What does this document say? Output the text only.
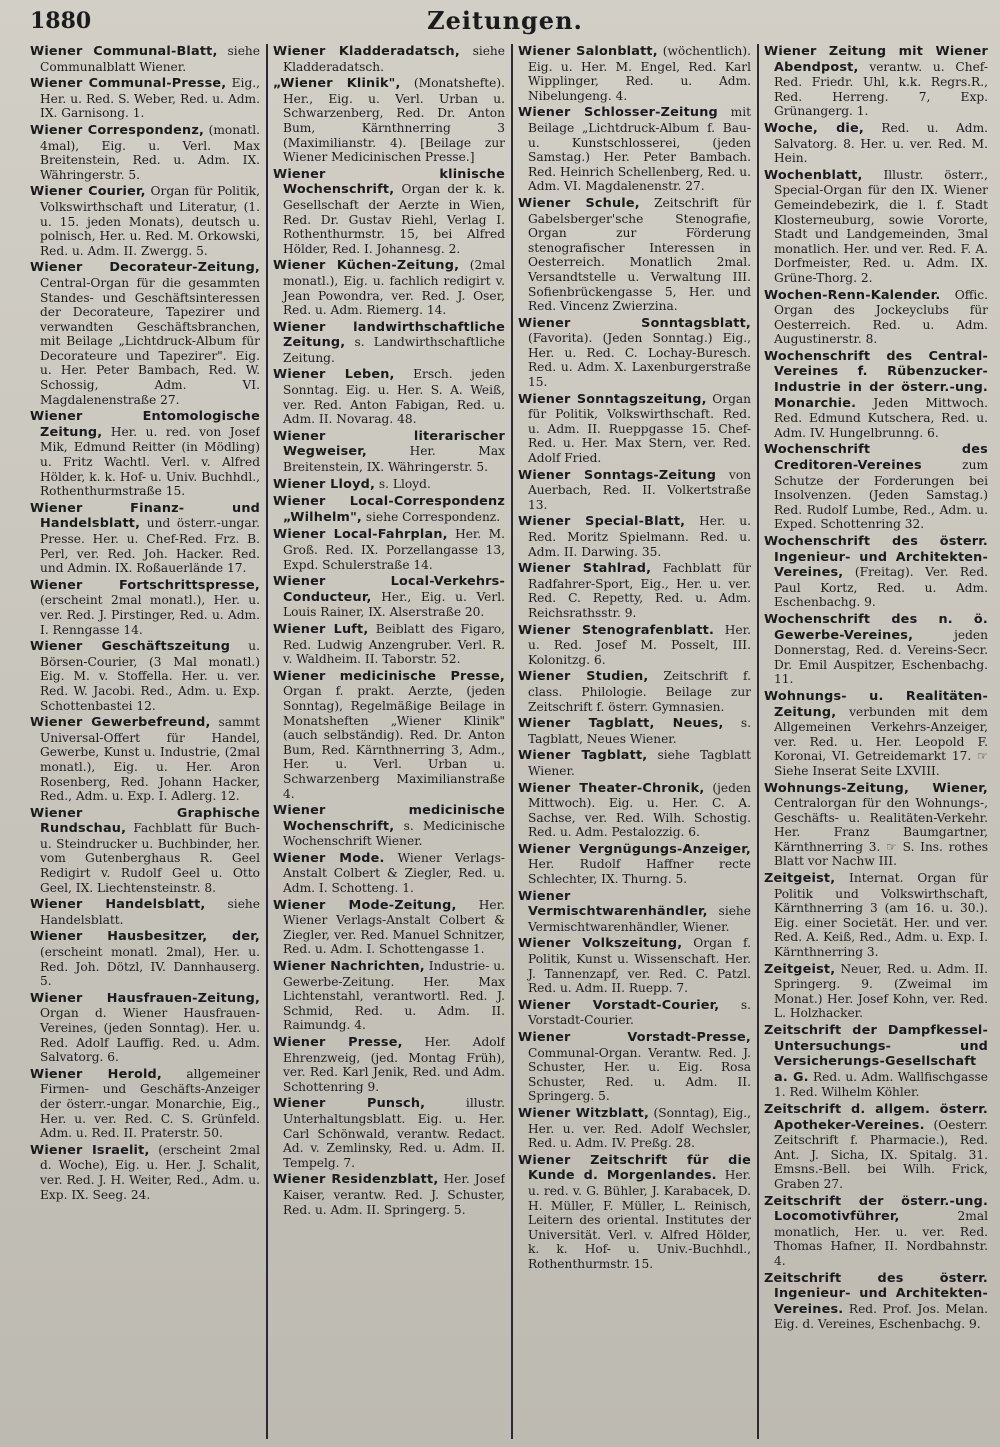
1880	Zeitungen.

Wiener Communal-Blatt, siehe Communalblatt Wiener.

Wiener Communal-Presse, Eig., Her. u. Red. S. Weber, Red. u. Adm. IX. Garnisong. 1.

Wiener Correspondenz, (monatl. 4mal), Eig. u. Verl. Max Breitenstein, Red. u. Adm. IX. Währingerstr. 5.

Wiener Courier, Organ für Politik, Volkswirthschaft und Literatur, (1. u. 15. jeden Monats), deutsch u. polnisch, Her. u. Red. M. Orkowski, Red. u. Adm. II. Zwergg. 5.

Wiener Decorateur-Zeitung, Central-Organ für die gesammten Standes- und Geschäftsinteressen der Decorateure, Tapezirer und verwandten Geschäftsbranchen, mit Beilage „Lichtdruck-Album für Decorateure und Tapezirer". Eig. u. Her. Peter Bambach, Red. W. Schossig, Adm. VI. Magdalenenstraße 27.

Wiener Entomologische Zeitung, Her. u. red. von Josef Mik, Edmund Reitter (in Mödling) u. Fritz Wachtl. Verl. v. Alfred Hölder, k. k. Hof- u. Univ. Buchhdl., Rothenthurmstraße 15.

Wiener Finanz- und Handelsblatt, und österr.-ungar. Presse. Her. u. Chef-Red. Frz. B. Perl, ver. Red. Joh. Hacker. Red. und Admin. IX. Roßauerlände 17.

Wiener Fortschrittspresse, (erscheint 2mal monatl.), Her. u. ver. Red. J. Pirstinger, Red. u. Adm. I. Renngasse 14.

Wiener Geschäftszeitung u. Börsen-Courier, (3 Mal monatl.) Eig. M. v. Stoffella. Her. u. ver. Red. W. Jacobi. Red., Adm. u. Exp. Schottenbastei 12.

Wiener Gewerbefreund, sammt Universal-Offert für Handel, Gewerbe, Kunst u. Industrie, (2mal monatl.), Eig. u. Her. Aron Rosenberg, Red. Johann Hacker, Red., Adm. u. Exp. I. Adlerg. 12.

Wiener Graphische Rundschau, Fachblatt für Buch- u. Steindrucker u. Buchbinder, her. vom Gutenberghaus R. Geel Redigirt v. Rudolf Geel u. Otto Geel, IX. Liechtensteinstr. 8.

Wiener Handelsblatt, siehe Handelsblatt.

Wiener Hausbesitzer, der, (erscheint monatl. 2mal), Her. u. Red. Joh. Dötzl, IV. Dannhauserg. 5.

Wiener Hausfrauen-Zeitung, Organ d. Wiener Hausfrauen-Vereines, (jeden Sonntag). Her. u. Red. Adolf Lauffig. Red. u. Adm. Salvatorg. 6.

Wiener Herold, allgemeiner Firmen- und Geschäfts-Anzeiger der österr.-ungar. Monarchie, Eig., Her. u. ver. Red. C. S. Grünfeld. Adm. u. Red. II. Praterstr. 50.

Wiener Israelit, (erscheint 2mal d. Woche), Eig. u. Her. J. Schalit, ver. Red. J. H. Weiter, Red., Adm. u. Exp. IX. Seeg. 24.

Wiener Kladderadatsch, siehe Kladderadatsch.

„Wiener Klinik", (Monatshefte). Her., Eig. u. Verl. Urban u. Schwarzenberg, Red. Dr. Anton Bum, Kärnthnerring 3 (Maximilianstr. 4). [Beilage zur Wiener Medicinischen Presse.]

Wiener klinische Wochenschrift, Organ der k. k. Gesellschaft der Aerzte in Wien, Red. Dr. Gustav Riehl, Verlag I. Rothenthurmstr. 15, bei Alfred Hölder, Red. I. Johannesg. 2.

Wiener Küchen-Zeitung, (2mal monatl.), Eig. u. fachlich redigirt v. Jean Powondra, ver. Red. J. Oser, Red. u. Adm. Riemerg. 14.

Wiener landwirthschaftliche Zeitung, s. Landwirthschaftliche Zeitung.

Wiener Leben, Ersch. jeden Sonntag. Eig. u. Her. S. A. Weiß, ver. Red. Anton Fabigan, Red. u. Adm. II. Novarag. 48.

Wiener literarischer Wegweiser, Her. Max Breitenstein, IX. Währingerstr. 5.

Wiener Lloyd, s. Lloyd.

Wiener Local-Correspondenz „Wilhelm", siehe Correspondenz.

Wiener Local-Fahrplan, Her. M. Groß. Red. IX. Porzellangasse 13, Expd. Schulerstraße 14.

Wiener Local-Verkehrs-Conducteur, Her., Eig. u. Verl. Louis Rainer, IX. Alserstraße 20.

Wiener Luft, Beiblatt des Figaro, Red. Ludwig Anzengruber. Verl. R. v. Waldheim. II. Taborstr. 52.

Wiener medicinische Presse, Organ f. prakt. Aerzte, (jeden Sonntag), Regelmäßige Beilage in Monatsheften „Wiener Klinik" (auch selbständig). Red. Dr. Anton Bum, Red. Kärnthnerring 3, Adm., Her. u. Verl. Urban u. Schwarzenberg Maximilianstraße 4.

Wiener medicinische Wochenschrift, s. Medicinische Wochenschrift Wiener.

Wiener Mode. Wiener Verlags-Anstalt Colbert & Ziegler, Red. u. Adm. I. Schotteng. 1.

Wiener Mode-Zeitung, Her. Wiener Verlags-Anstalt Colbert & Ziegler, ver. Red. Manuel Schnitzer, Red. u. Adm. I. Schottengasse 1.

Wiener Nachrichten, Industrie- u. Gewerbe-Zeitung. Her. Max Lichtenstahl, verantwortl. Red. J. Schmid, Red. u. Adm. II. Raimundg. 4.

Wiener Presse, Her. Adolf Ehrenzweig, (jed. Montag Früh), ver. Red. Karl Jenik, Red. und Adm. Schottenring 9.

Wiener Punsch, illustr. Unterhaltungsblatt. Eig. u. Her. Carl Schönwald, verantw. Redact. Ad. v. Zemlinsky, Red. u. Adm. II. Tempelg. 7.

Wiener Residenzblatt, Her. Josef Kaiser, verantw. Red. J. Schuster, Red. u. Adm. II. Springerg. 5.

Wiener Salonblatt, (wöchentlich). Eig. u. Her. M. Engel, Red. Karl Wipplinger, Red. u. Adm. Nibelungeng. 4.

Wiener Schlosser-Zeitung mit Beilage „Lichtdruck-Album f. Bau- u. Kunstschlosserei, (jeden Samstag.) Her. Peter Bambach. Red. Heinrich Schellenberg, Red. u. Adm. VI. Magdalenenstr. 27.

Wiener Schule, Zeitschrift für Gabelsberger'sche Stenografie, Organ zur Förderung stenografischer Interessen in Oesterreich. Monatlich 2mal. Versandtstelle u. Verwaltung III. Sofienbrückengasse 5, Her. und Red. Vincenz Zwierzina.

Wiener Sonntagsblatt, (Favorita). (Jeden Sonntag.) Eig., Her. u. Red. C. Lochay-Buresch. Red. u. Adm. X. Laxenburgerstraße 15.

Wiener Sonntagszeitung, Organ für Politik, Volkswirthschaft. Red. u. Adm. II. Rueppgasse 15. Chef-Red. u. Her. Max Stern, ver. Red. Adolf Fried.

Wiener Sonntags-Zeitung von Auerbach, Red. II. Volkertstraße 13.

Wiener Special-Blatt, Her. u. Red. Moritz Spielmann. Red. u. Adm. II. Darwing. 35.

Wiener Stahlrad, Fachblatt für Radfahrer-Sport, Eig., Her. u. ver. Red. C. Repetty, Red. u. Adm. Reichsrathsstr. 9.

Wiener Stenografenblatt. Her. u. Red. Josef M. Posselt, III. Kolonitzg. 6.

Wiener Studien, Zeitschrift f. class. Philologie. Beilage zur Zeitschrift f. österr. Gymnasien.

Wiener Tagblatt, Neues, s. Tagblatt, Neues Wiener.

Wiener Tagblatt, siehe Tagblatt Wiener.

Wiener Theater-Chronik, (jeden Mittwoch). Eig. u. Her. C. A. Sachse, ver. Red. Wilh. Schostig. Red. u. Adm. Pestalozzig. 6.

Wiener Vergnügungs-Anzeiger, Her. Rudolf Haffner recte Schlechter, IX. Thurng. 5.

Wiener Vermischtwarenhändler, siehe Vermischtwarenhändler, Wiener.

Wiener Volkszeitung, Organ f. Politik, Kunst u. Wissenschaft. Her. J. Tannenzapf, ver. Red. C. Patzl. Red. u. Adm. II. Ruepp. 7.

Wiener Vorstadt-Courier, s. Vorstadt-Courier.

Wiener Vorstadt-Presse, Communal-Organ. Verantw. Red. J. Schuster, Her. u. Eig. Rosa Schuster, Red. u. Adm. II. Springerg. 5.

Wiener Witzblatt, (Sonntag), Eig., Her. u. ver. Red. Adolf Wechsler, Red. u. Adm. IV. Preßg. 28.

Wiener Zeitschrift für die Kunde d. Morgenlandes. Her. u. red. v. G. Bühler, J. Karabacek, D. H. Müller, F. Müller, L. Reinisch, Leitern des oriental. Institutes der Universität. Verl. v. Alfred Hölder, k. k. Hof- u. Univ.-Buchhdl., Rothenthurmstr. 15.

Wiener Zeitung mit Wiener Abendpost, verantw. u. Chef-Red. Friedr. Uhl, k.k. Regrs.R., Red. Herreng. 7, Exp. Grünangerg. 1.

Woche, die, Red. u. Adm. Salvatorg. 8. Her. u. ver. Red. M. Hein.

Wochenblatt, Illustr. österr., Special-Organ für den IX. Wiener Gemeindebezirk, die l. f. Stadt Klosterneuburg, sowie Vororte, Stadt und Landgemeinden, 3mal monatlich. Her. und ver. Red. F. A. Dorfmeister, Red. u. Adm. IX. Grüne-Thorg. 2.

Wochen-Renn-Kalender. Offic. Organ des Jockeyclubs für Oesterreich. Red. u. Adm. Augustinerstr. 8.

Wochenschrift des Central-Vereines f. Rübenzucker-Industrie in der österr.-ung. Monarchie. Jeden Mittwoch. Red. Edmund Kutschera, Red. u. Adm. IV. Hungelbrunng. 6.

Wochenschrift des Creditoren-Vereines zum Schutze der Forderungen bei Insolvenzen. (Jeden Samstag.) Red. Rudolf Lumbe, Red., Adm. u. Exped. Schottenring 32.

Wochenschrift des österr. Ingenieur- und Architekten-Vereines, (Freitag). Ver. Red. Paul Kortz, Red. u. Adm. Eschenbachg. 9.

Wochenschrift des n. ö. Gewerbe-Vereines, jeden Donnerstag, Red. d. Vereins-Secr. Dr. Emil Auspitzer, Eschenbachg. 11.

Wohnungs- u. Realitäten-Zeitung, verbunden mit dem Allgemeinen Verkehrs-Anzeiger, ver. Red. u. Her. Leopold F. Koronai, VI. Getreidemarkt 17. ☞ Siehe Inserat Seite LXVIII.

Wohnungs-Zeitung, Wiener, Centralorgan für den Wohnungs-, Geschäfts- u. Realitäten-Verkehr. Her. Franz Baumgartner, Kärnthnerring 3. ☞ S. Ins. rothes Blatt vor Nachw III.

Zeitgeist, Internat. Organ für Politik und Volkswirthschaft, Kärnthnerring 3 (am 16. u. 30.). Eig. einer Societät. Her. und ver. Red. A. Keiß, Red., Adm. u. Exp. I. Kärnthnerring 3.

Zeitgeist, Neuer, Red. u. Adm. II. Springerg. 9. (Zweimal im Monat.) Her. Josef Kohn, ver. Red. L. Holzhacker.

Zeitschrift der Dampfkessel-Untersuchungs- und Versicherungs-Gesellschaft a. G. Red. u. Adm. Wallfischgasse 1. Red. Wilhelm Köhler.

Zeitschrift d. allgem. österr. Apotheker-Vereines. (Oesterr. Zeitschrift f. Pharmacie.), Red. Ant. J. Sicha, IX. Spitalg. 31. Emsns.-Bell. bei Wilh. Frick, Graben 27.

Zeitschrift der österr.-ung. Locomotivführer, 2mal monatlich, Her. u. ver. Red. Thomas Hafner, II. Nordbahnstr. 4.

Zeitschrift des österr. Ingenieur- und Architekten-Vereines. Red. Prof. Jos. Melan. Eig. d. Vereines, Eschenbachg. 9.
